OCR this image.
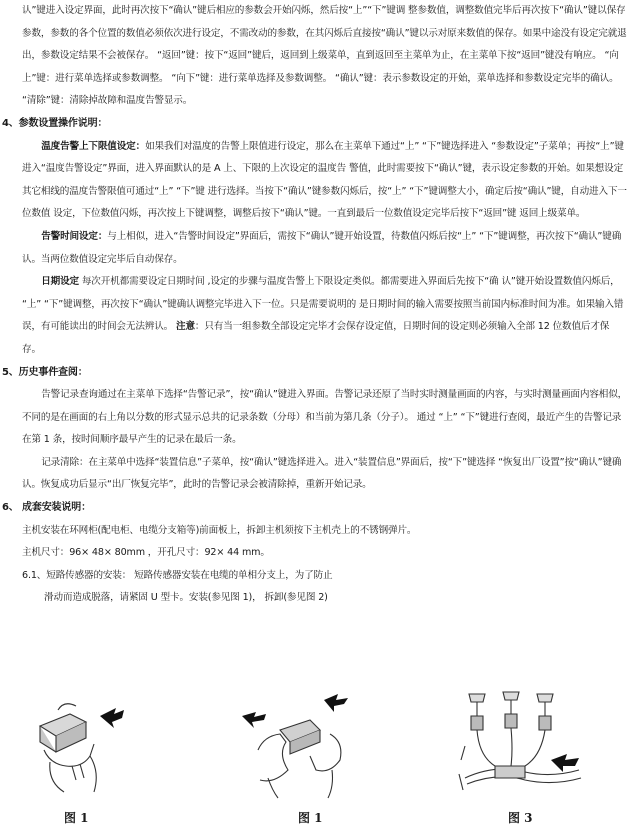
认”键进入设定界面，此时再次按下“确认”键后相应的参数会开始闪烁，然后按“上”“下”键调 整参数值，调整数值完毕后再次按下“确认”键以保存参数，参数的各个位置的数值必须依次进行设定，不需改动的参数，在其闪烁后直接按“确认”键以示对原来数值的保存。如果中途没有设定完就退出，参数设定结果不会被保存。 “返回”键：按下“返回”键后，返回到上级菜单，直到返回至主菜单为止，在主菜单下按“返回”键没有响应。 “向上”键：进行菜单选择或参数调整。 “向下”键：进行菜单选择及参数调整。 “确认”键：表示参数设定的开始，菜单选择和参数设定完毕的确认。 “清除”键：清除掉故障和温度告警显示。

4、参数设置操作说明：

温度告警上下限值设定：如果我们对温度的告警上限值进行设定，那么在主菜单下通过“上” “下”键选择进入 “参数设定”子菜单；再按“上”键进入“温度告警设定”界面，进入界面默认的是 A 上、下限的上次设定的温度告 警值，此时需要按下“确认”键，表示设定参数的开始。如果想设定其它相线的温度告警限值可通过“上” “下”键 进行选择。当按下“确认”键参数闪烁后，按“上” “下”键调整大小，确定后按“确认”键，自动进入下一位数值 设定，下位数值闪烁，再次按上下键调整，调整后按下“确认”键。一直到最后一位数值设定完毕后按下“返回”键 返回上级菜单。

告警时间设定：与上相似，进入“告警时间设定”界面后，需按下“确认”键开始设置，待数值闪烁后按“上” “下”键调整，再次按下“确认”键确认。当两位数值设定完毕后自动保存。

日期设定 每次开机都需要设定日期时间 ,设定的步骤与温度告警上下限设定类似。都需要进入界面后先按下“确 认”键开始设置数值闪烁后， “上” “下”键调整，再次按下“确认”键确认调整完毕进入下一位。只是需要说明的 是日期时间的输入需要按照当前国内标准时间为准。如果输入错误，有可能读出的时间会无法辨认。 注意：只有当一组参数全部设定完毕才会保存设定值，日期时间的设定则必须输入全部 12 位数值后才保存。

5、历史事件查阅：

告警记录查询通过在主菜单下选择“告警记录”，按“确认”键进入界面。告警记录还原了当时实时测量画面的内容，与实时测量画面内容相似，不同的是在画面的右上角以分数的形式显示总共的记录条数（分母）和当前为第几条（分子）。 通过 “上” “下”键进行查阅，最近产生的告警记录在第 1 条，按时间顺序最早产生的记录在最后一条。

记录清除：在主菜单中选择“装置信息”子菜单，按“确认”键选择进入。进入“装置信息”界面后，按“下”键选择 “恢复出厂设置”按“确认”键确认。恢复成功后显示“出厂恢复完毕”，此时的告警记录会被清除掉，重新开始记录。

6、 成套安装说明：

主机安装在环网柜(配电柜、电缆分支箱等)前面板上，拆卸主机须按下主机壳上的不锈钢弹片。

主机尺寸：96× 48× 80mm ，开孔尺寸：92× 44 mm。

6.1、短路传感器的安装： 短路传感器安装在电缆的单相分支上，为了防止

滑动而造成脱落，请紧固 U 型卡。安装(参见图 1)， 拆卸(参见图 2)

图 1	图 1	图 3
